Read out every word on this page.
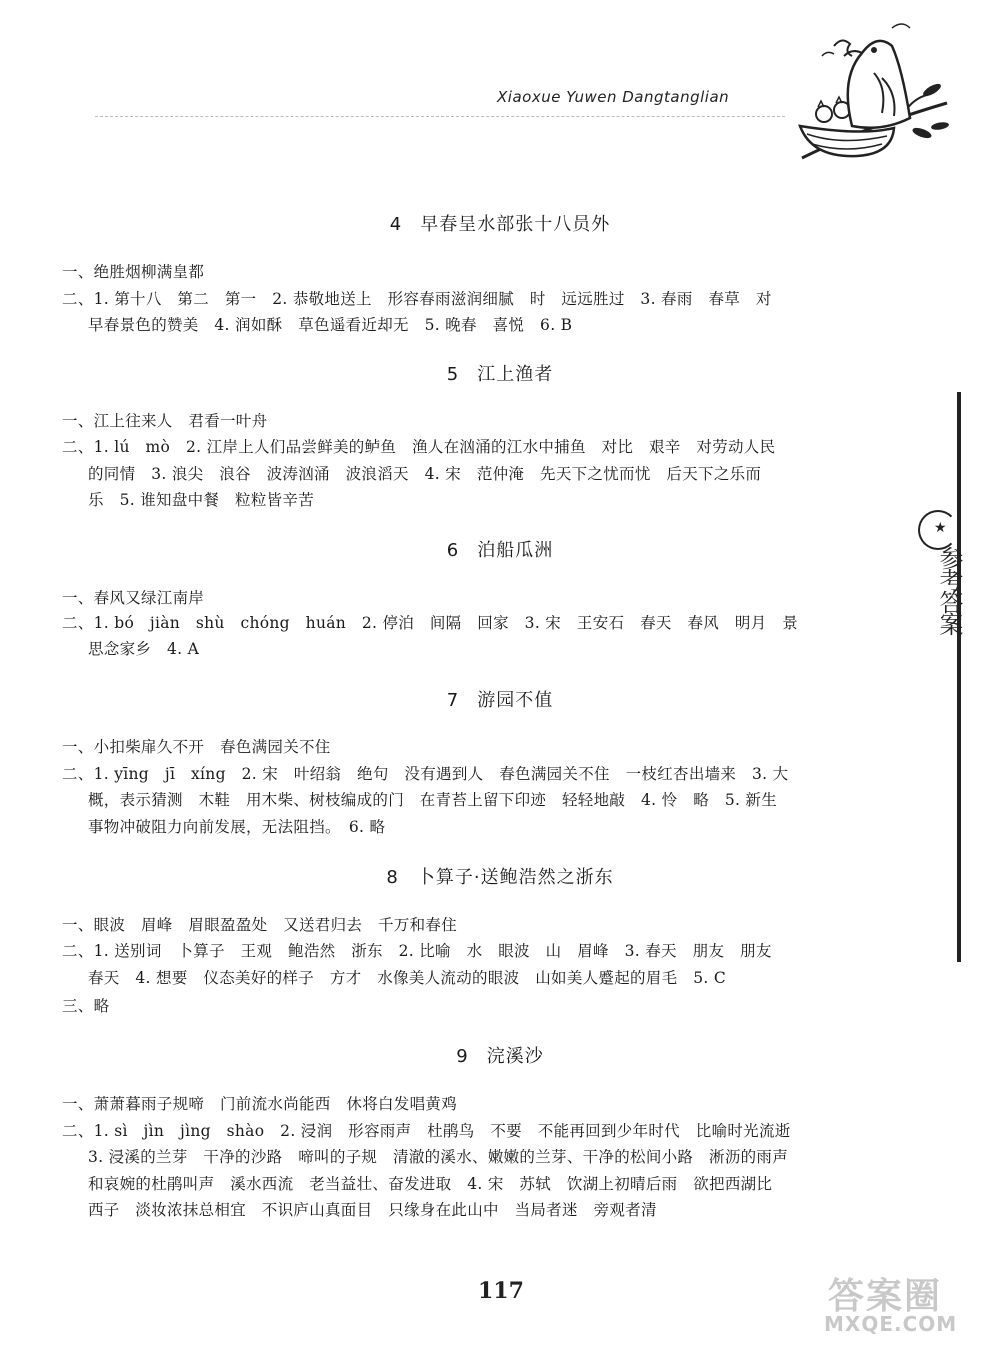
Xiaoxue Yuwen Dangtanglian
★
参考答案
4 早春呈水部张十八员外
一、绝胜烟柳满皇都
二、1. 第十八　第二　第一　2. 恭敬地送上　形容春雨滋润细腻　时　远远胜过　3. 春雨　春草　对
早春景色的赞美　4. 润如酥　草色遥看近却无　5. 晚春　喜悦　6. B
5 江上渔者
一、江上往来人　君看一叶舟
二、1. lú　mò　2. 江岸上人们品尝鲜美的鲈鱼　渔人在汹涌的江水中捕鱼　对比　艰辛　对劳动人民
的同情　3. 浪尖　浪谷　波涛汹涌　波浪滔天　4. 宋　范仲淹　先天下之忧而忧　后天下之乐而
乐　5. 谁知盘中餐　粒粒皆辛苦
6 泊船瓜洲
一、春风又绿江南岸
二、1. bó　jiàn　shù　chóng　huán　2. 停泊　间隔　回家　3. 宋　王安石　春天　春风　明月　景
思念家乡　4. A
7 游园不值
一、小扣柴扉久不开　春色满园关不住
二、1. yīng　jī　xíng　2. 宋　叶绍翁　绝句　没有遇到人　春色满园关不住　一枝红杏出墙来　3. 大
概，表示猜测　木鞋　用木柴、树枝编成的门　在青苔上留下印迹　轻轻地敲　4. 怜　略　5. 新生
事物冲破阻力向前发展，无法阻挡。　6. 略
8 卜算子·送鲍浩然之浙东
一、眼波　眉峰　眉眼盈盈处　又送君归去　千万和春住
二、1. 送别词　卜算子　王观　鲍浩然　浙东　2. 比喻　水　眼波　山　眉峰　3. 春天　朋友　朋友
春天　4. 想要　仪态美好的样子　方才　水像美人流动的眼波　山如美人蹙起的眉毛　5. C
三、略
9 浣溪沙
一、萧萧暮雨子规啼　门前流水尚能西　休将白发唱黄鸡
二、1. sì　jìn　jìng　shào　2. 浸润　形容雨声　杜鹃鸟　不要　不能再回到少年时代　比喻时光流逝
3. 浸溪的兰芽　干净的沙路　啼叫的子规　清澈的溪水、嫩嫩的兰芽、干净的松间小路　淅沥的雨声
和哀婉的杜鹃叫声　溪水西流　老当益壮、奋发进取　4. 宋　苏轼　饮湖上初晴后雨　欲把西湖比
西子　淡妆浓抹总相宜　不识庐山真面目　只缘身在此山中　当局者迷　旁观者清
117	答案圈
MXQE.COM
